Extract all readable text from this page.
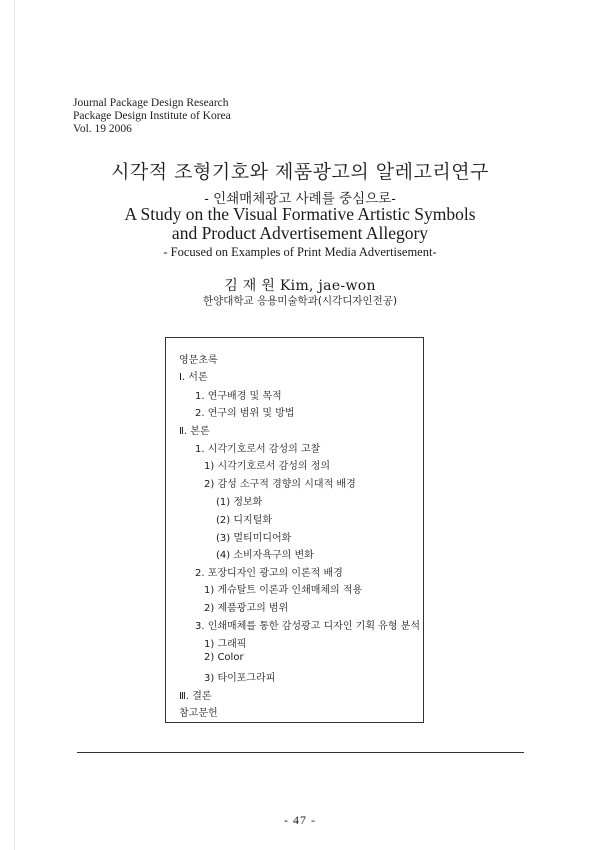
Journal Package Design Research
Package Design Institute of Korea
Vol. 19 2006
시각적 조형기호와 제품광고의 알레고리연구
- 인쇄매체광고 사례를 중심으로-
A Study on the Visual Formative Artistic Symbols
and Product Advertisement Allegory
- Focused on Examples of Print Media Advertisement-
김 재 원 Kim, jae-won
한양대학교 응용미술학과(시각디자인전공)
영문초록
Ⅰ. 서론
1. 연구배경 및 목적
2. 연구의 범위 및 방법
Ⅱ. 본론
1. 시각기호로서 감성의 고찰
1) 시각기호로서 감성의 정의
2) 감성 소구적 경향의 시대적 배경
(1) 정보화
(2) 디지털화
(3) 멀티미디어화
(4) 소비자욕구의 변화
2. 포장디자인 광고의 이론적 배경
1) 게슈탈트 이론과 인쇄매체의 적용
2) 제품광고의 범위
3. 인쇄매체를 통한 감성광고 디자인 기획 유형 분석
1) 그래픽
2) Color
3) 타이포그라피
Ⅲ. 결론
참고문헌
- 47 -
